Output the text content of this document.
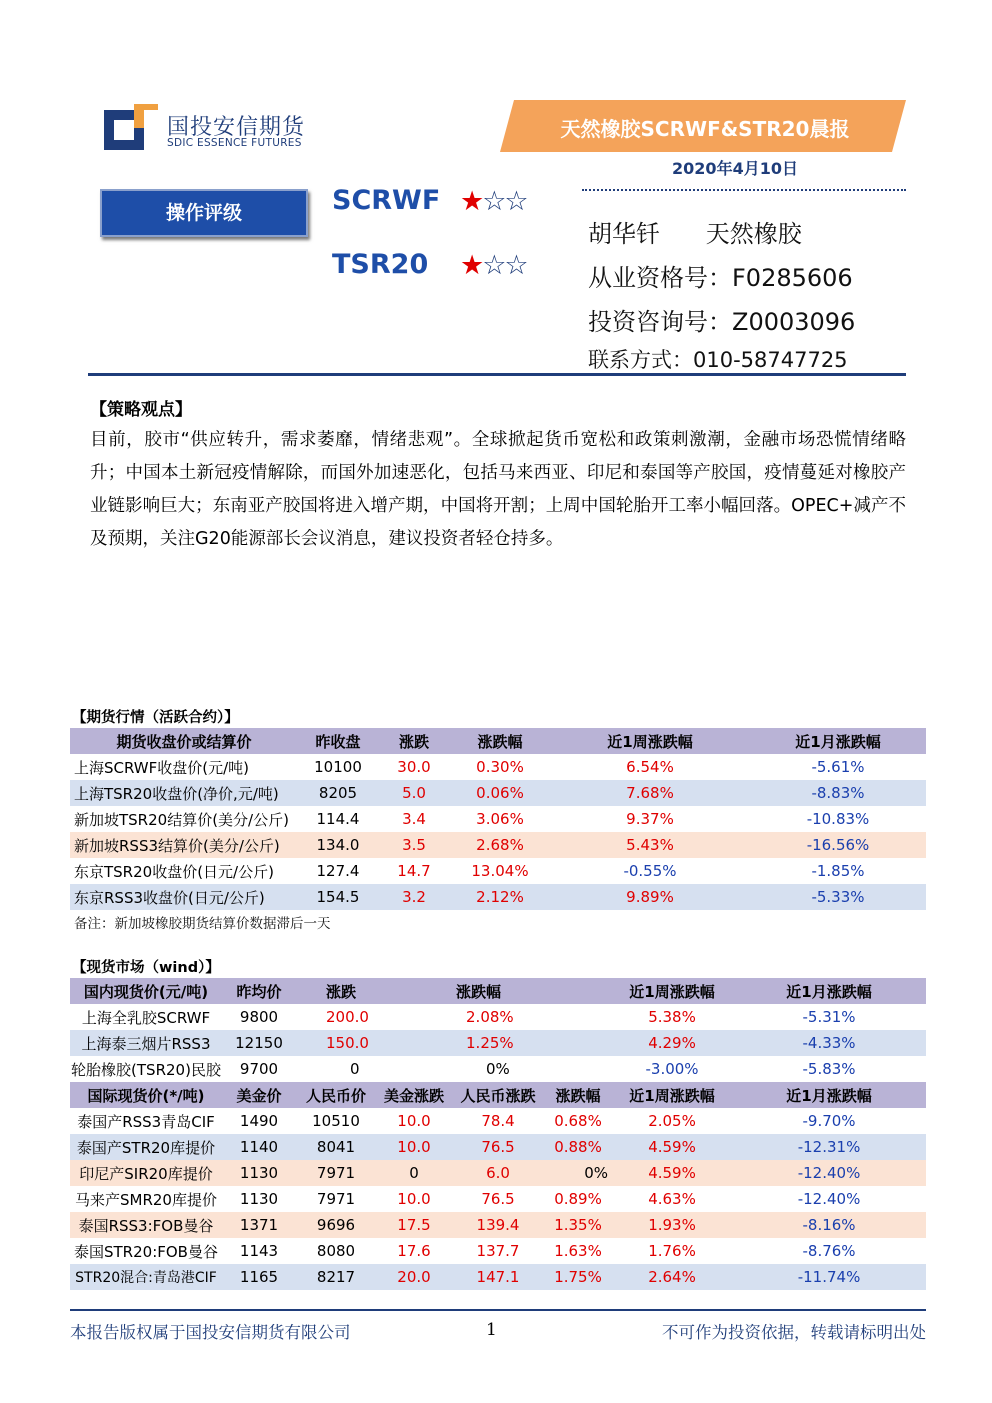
国投安信期货
SDIC ESSENCE FUTURES
天然橡胶SCRWF&STR20晨报
2020年4月10日
操作评级	SCRWF ★☆☆
TSR20 ★☆☆
胡华钎      天然橡胶
从业资格号：F0285606
投资咨询号：Z0003096
联系方式：010-58747725
【策略观点】
目前，胶市“供应转升，需求萎靡，情绪悲观”。全球掀起货币宽松和政策刺激潮，金融市场恐慌情绪略升；中国本土新冠疫情解除，而国外加速恶化，包括马来西亚、印尼和泰国等产胶国，疫情蔓延对橡胶产业链影响巨大；东南亚产胶国将进入增产期，中国将开割；上周中国轮胎开工率小幅回落。OPEC+减产不及预期，关注G20能源部长会议消息，建议投资者轻仓持多。
【期货行情（活跃合约）】
期货收盘价或结算价	昨收盘	涨跌	涨跌幅	近1周涨跌幅	近1月涨跌幅
上海SCRWF收盘价(元/吨)	10100	30.0	0.30%	6.54%	-5.61%
上海TSR20收盘价(净价,元/吨)	8205	5.0	0.06%	7.68%	-8.83%
新加坡TSR20结算价(美分/公斤)	114.4	3.4	3.06%	9.37%	-10.83%
新加坡RSS3结算价(美分/公斤)	134.0	3.5	2.68%	5.43%	-16.56%
东京TSR20收盘价(日元/公斤)	127.4	14.7	13.04%	-0.55%	-1.85%
东京RSS3收盘价(日元/公斤)	154.5	3.2	2.12%	9.89%	-5.33%
备注：新加坡橡胶期货结算价数据滞后一天
【现货市场（wind）】
国内现货价(元/吨)	昨均价	涨跌		涨跌幅		近1周涨跌幅	近1月涨跌幅
上海全乳胶SCRWF	9800	200.0		2.08%		5.38%	-5.31%
上海泰三烟片RSS3	12150	150.0		1.25%		4.29%	-4.33%
轮胎橡胶(TSR20)民胶	9700	0		0%		-3.00%	-5.83%
国际现货价(*/吨)	美金价	人民币价	美金涨跌	人民币涨跌	涨跌幅	近1周涨跌幅	近1月涨跌幅
泰国产RSS3青岛CIF	1490	10510	10.0	78.4	0.68%	2.05%	-9.70%
泰国产STR20库提价	1140	8041	10.0	76.5	0.88%	4.59%	-12.31%
印尼产SIR20库提价	1130	7971	0	6.0	0%	4.59%	-12.40%
马来产SMR20库提价	1130	7971	10.0	76.5	0.89%	4.63%	-12.40%
泰国RSS3:FOB曼谷	1371	9696	17.5	139.4	1.35%	1.93%	-8.16%
泰国STR20:FOB曼谷	1143	8080	17.6	137.7	1.63%	1.76%	-8.76%
STR20混合:青岛港CIF	1165	8217	20.0	147.1	1.75%	2.64%	-11.74%
本报告版权属于国投安信期货有限公司	1	不可作为投资依据，转载请标明出处
